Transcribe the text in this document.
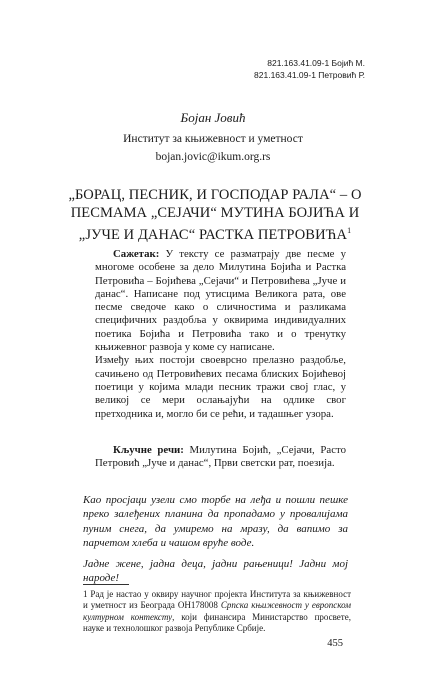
821.163.41.09-1 Бојић М.
821.163.41.09-1 Петровић Р.
Бојан Јовић
Институт за књижевност и уметност
bojan.jovic@ikum.org.rs
„БОРАЦ, ПЕСНИК, И ГОСПОДАР РАЛА“ – О ПЕСМАМА „СЕЈАЧИ“ МУТИНА БОЈИЋА И „ЈУЧЕ И ДАНАС“ РАСТКА ПЕТРОВИЋА$^1$

Сажетак: У тексту се разматрају две песме у многоме особене за дело Милутина Бојића и Растка Петровића – Бојићева „Сејачи“ и Петровићева „Јуче и данас“. Написане под утисцима Великога рата, ове песме сведоче како о сличностима и разликама специфичних раздобља у оквирима индивидуалних поетика Бојића и Петровића тако и о тренутку књижевног развоја у коме су написане.

Између њих постоји своеврсно прелазно раздобље, сачињено од Петровићевих песама блиских Бојићевој поетици у којима млади песник тражи свој глас, у великој се мери ослањајући на одлике свог претходника и, могло би се рећи, и тадашњег узора.

Кључне речи: Милутина Бојић, „Сејачи, Расто Петровић „Јуче и данас“, Први светски рат, поезија.

Као просјаци узели смо торбе на леђа и пошли пешке преко залеђених планина да пропадамо у провалијама пуним снега, да умиремо на мразу, да вапимо за парчетом хлеба и чашом вруће воде.

Јадне жене, јадна деца, јадни рањеници! Јадни мој народе!

1 Рад је настао у оквиру научног пројекта Института за књижевност и уметност из Београда ОН178008 Српска књижевност у европском културном контексту, који финансира Министарство просвете, науке и технолошког развоја Републике Србије.
455
